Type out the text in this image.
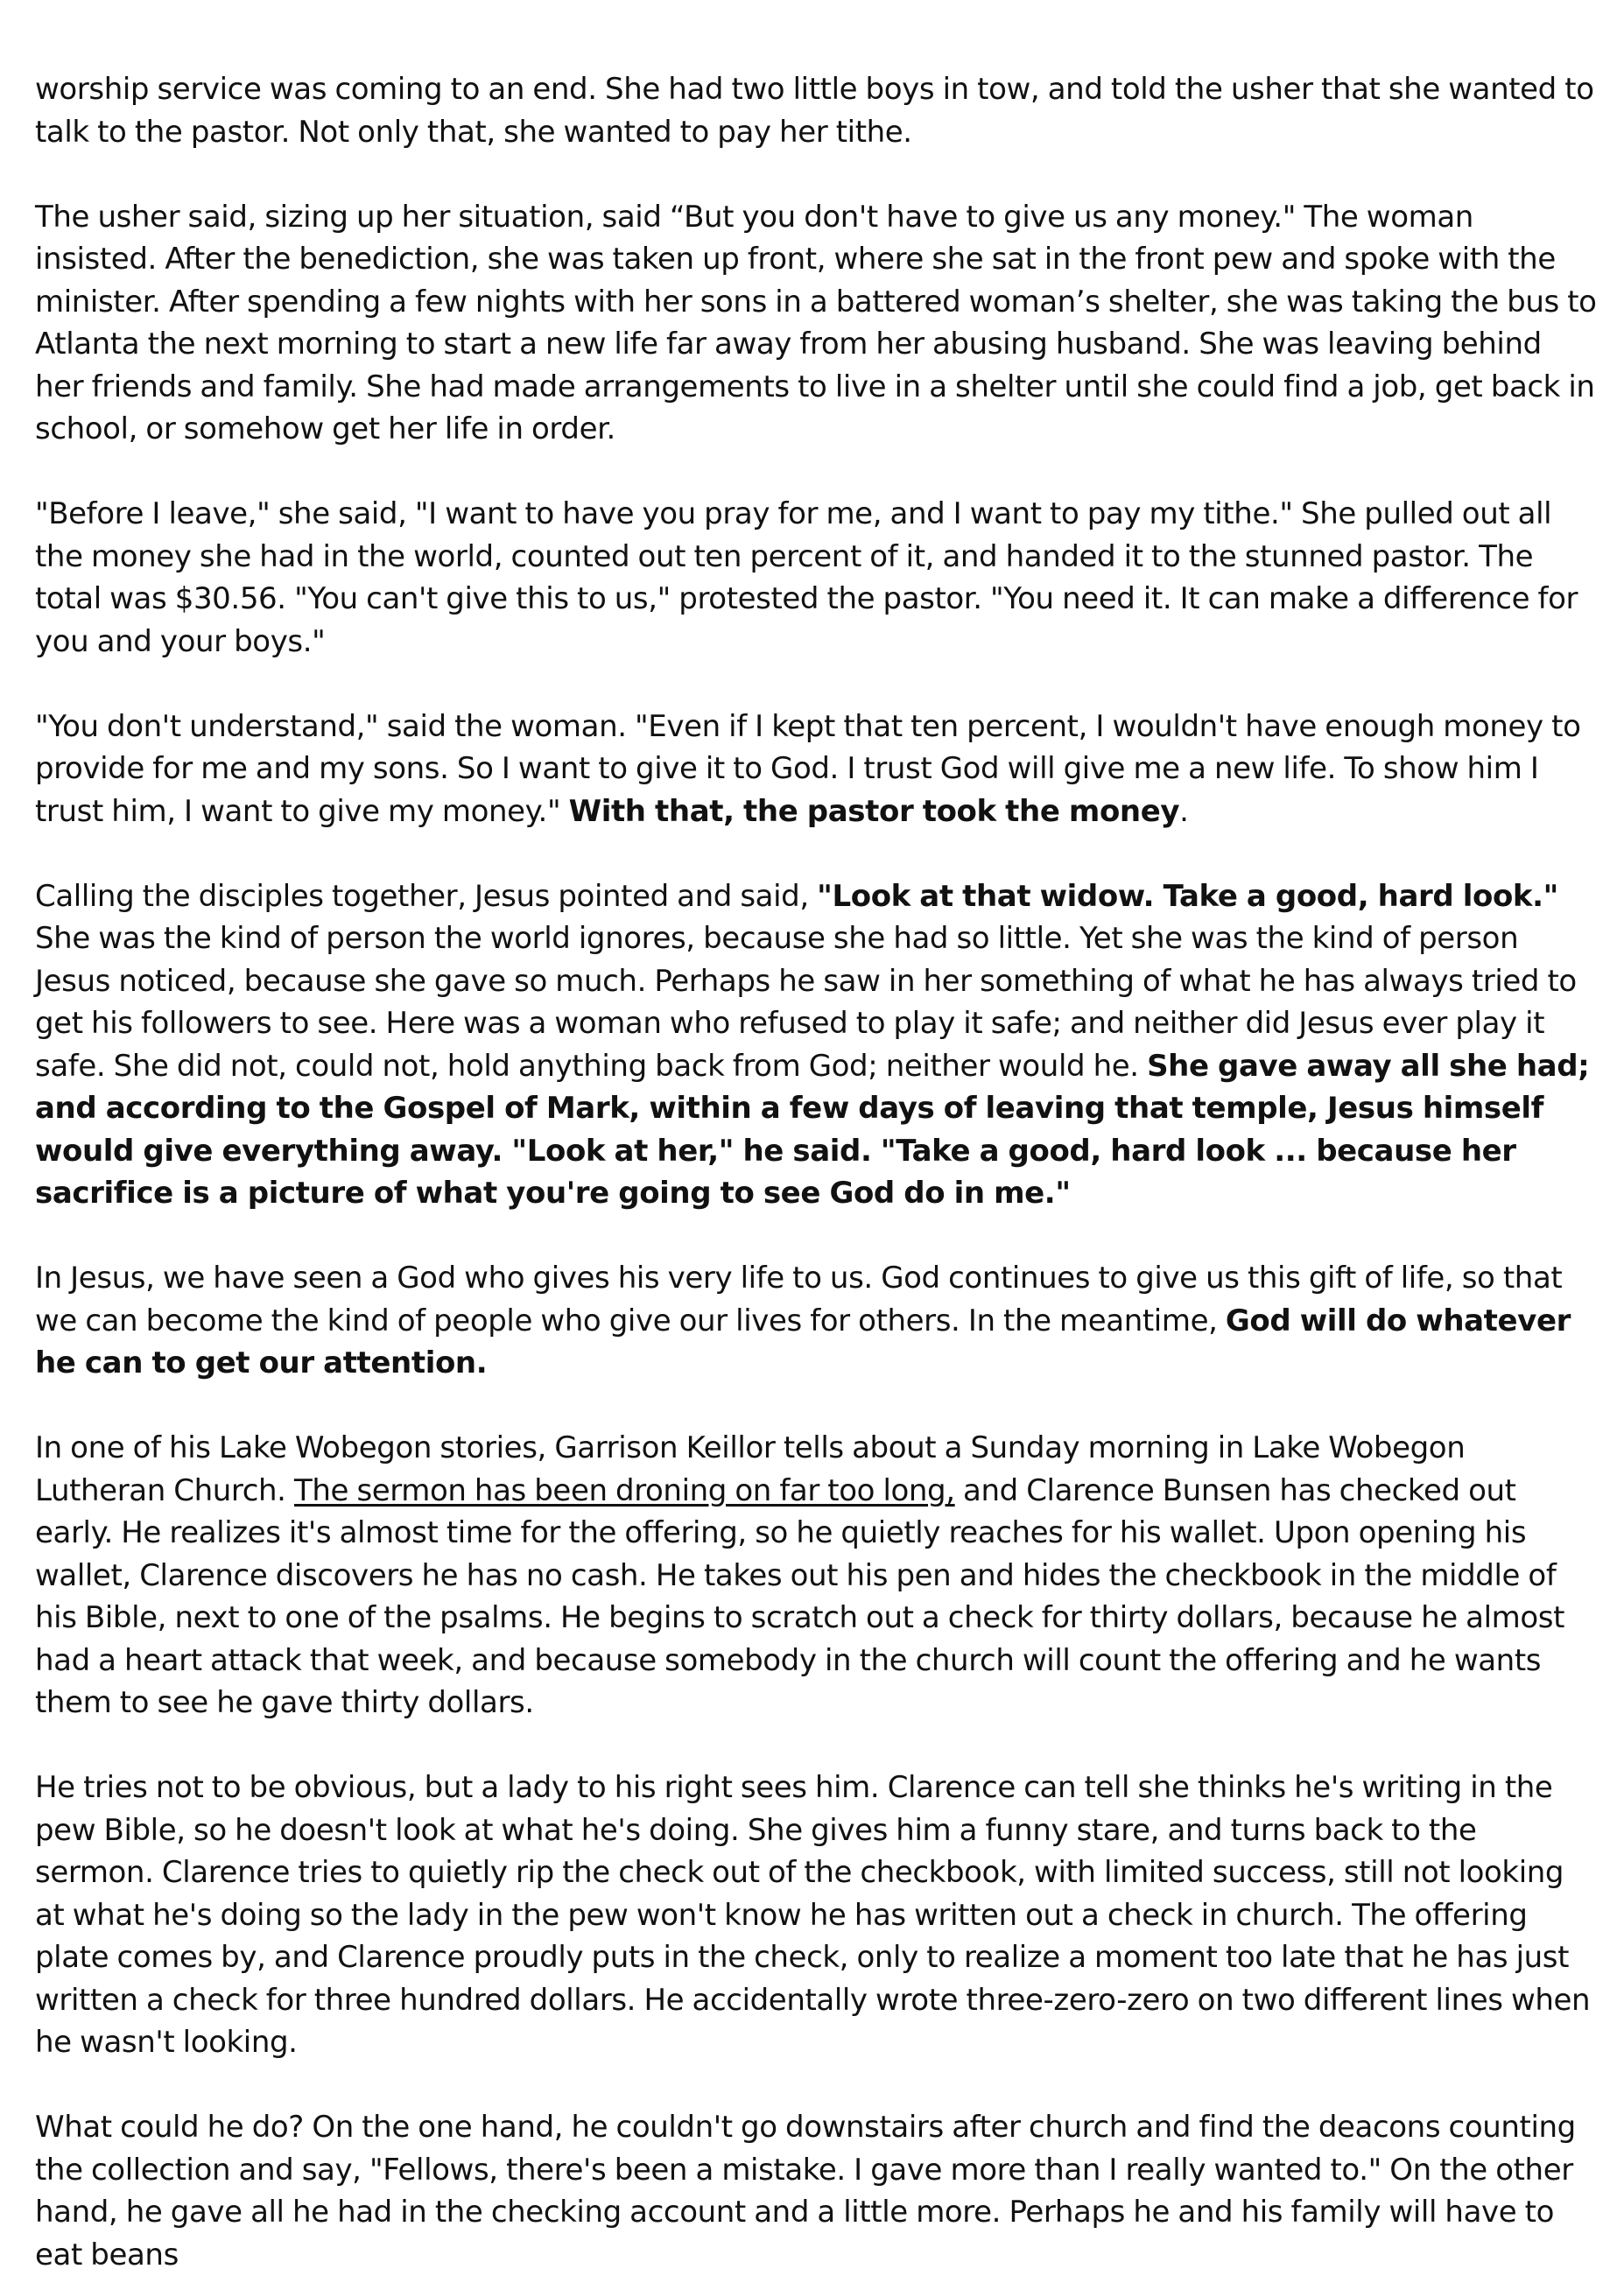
worship service was coming to an end. She had two little boys in tow, and told the usher that she wanted to talk to the pastor. Not only that, she wanted to pay her tithe.

The usher said, sizing up her situation, said “But you don't have to give us any money." The woman insisted. After the benediction, she was taken up front, where she sat in the front pew and spoke with the minister. After spending a few nights with her sons in a battered woman’s shelter, she was taking the bus to Atlanta the next morning to start a new life far away from her abusing husband. She was leaving behind her friends and family. She had made arrangements to live in a shelter until she could find a job, get back in school, or somehow get her life in order.

"Before I leave," she said, "I want to have you pray for me, and I want to pay my tithe." She pulled out all the money she had in the world, counted out ten percent of it, and handed it to the stunned pastor. The total was $30.56. "You can't give this to us," protested the pastor. "You need it. It can make a difference for you and your boys."

"You don't understand," said the woman. "Even if I kept that ten percent, I wouldn't have enough money to provide for me and my sons. So I want to give it to God. I trust God will give me a new life. To show him I trust him, I want to give my money." With that, the pastor took the money.

Calling the disciples together, Jesus pointed and said, "Look at that widow. Take a good, hard look." She was the kind of person the world ignores, because she had so little. Yet she was the kind of person Jesus noticed, because she gave so much. Perhaps he saw in her something of what he has always tried to get his followers to see. Here was a woman who refused to play it safe; and neither did Jesus ever play it safe. She did not, could not, hold anything back from God; neither would he. She gave away all she had; and according to the Gospel of Mark, within a few days of leaving that temple, Jesus himself would give everything away. "Look at her," he said. "Take a good, hard look ... because her sacrifice is a picture of what you're going to see God do in me."

In Jesus, we have seen a God who gives his very life to us. God continues to give us this gift of life, so that we can become the kind of people who give our lives for others. In the meantime, God will do whatever he can to get our attention.

In one of his Lake Wobegon stories, Garrison Keillor tells about a Sunday morning in Lake Wobegon Lutheran Church. The sermon has been droning on far too long, and Clarence Bunsen has checked out early. He realizes it's almost time for the offering, so he quietly reaches for his wallet. Upon opening his wallet, Clarence discovers he has no cash. He takes out his pen and hides the checkbook in the middle of his Bible, next to one of the psalms. He begins to scratch out a check for thirty dollars, because he almost had a heart attack that week, and because somebody in the church will count the offering and he wants them to see he gave thirty dollars.

He tries not to be obvious, but a lady to his right sees him. Clarence can tell she thinks he's writing in the pew Bible, so he doesn't look at what he's doing. She gives him a funny stare, and turns back to the sermon. Clarence tries to quietly rip the check out of the checkbook, with limited success, still not looking at what he's doing so the lady in the pew won't know he has written out a check in church. The offering plate comes by, and Clarence proudly puts in the check, only to realize a moment too late that he has just written a check for three hundred dollars. He accidentally wrote three-zero-zero on two different lines when he wasn't looking.

What could he do? On the one hand, he couldn't go downstairs after church and find the deacons counting the collection and say, "Fellows, there's been a mistake. I gave more than I really wanted to." On the other hand, he gave all he had in the checking account and a little more. Perhaps he and his family will have to eat beans
